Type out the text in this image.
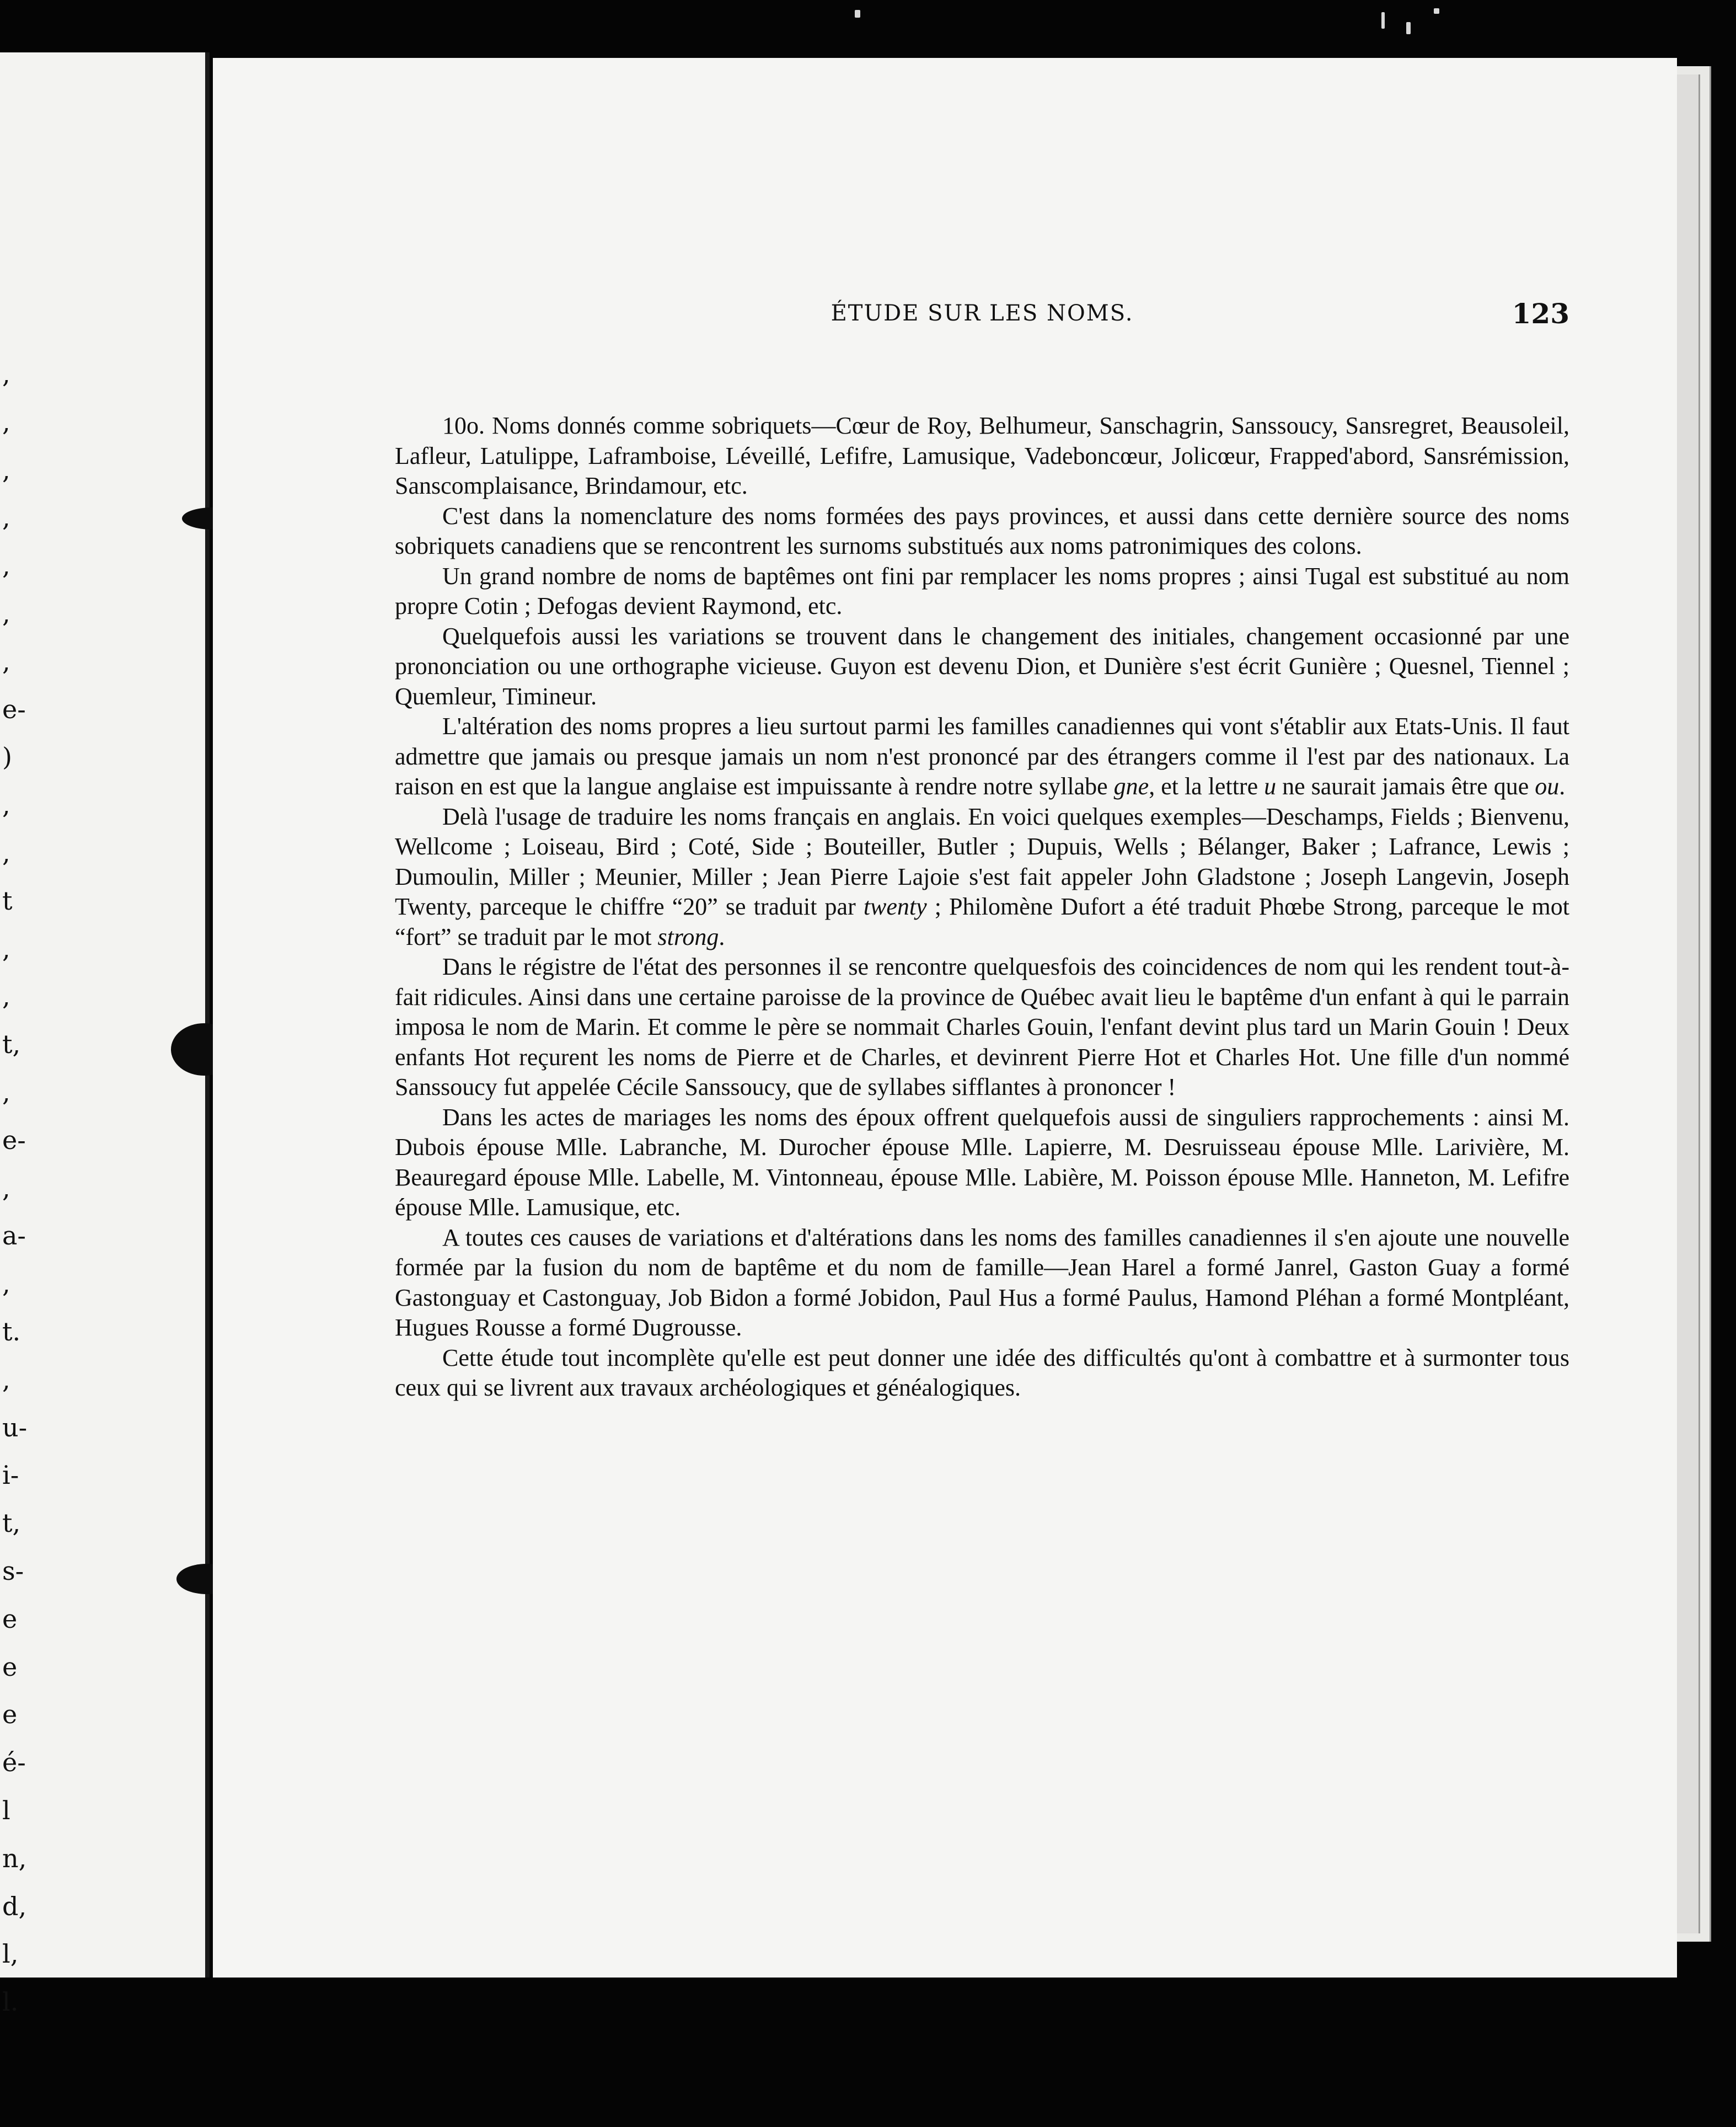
,
,
,
,
,
,
,
e-
)
,
,
t
,
,
t,
,
e-
,
a-
,
t.
,
u-
i-
t,
s-
e
e
e
é-
l
n,
d,
l,
l.
ÉTUDE SUR LES NOMS.	123

10o. Noms donnés comme sobriquets—Cœur de Roy, Belhumeur, Sanschagrin, Sanssoucy, Sansregret, Beausoleil, Lafleur, Latulippe, Laframboise, Léveillé, Lefifre, Lamusique, Vadeboncœur, Jolicœur, Frapped'abord, Sansrémission, Sanscomplaisance, Brindamour, etc.

C'est dans la nomenclature des noms formées des pays provinces, et aussi dans cette dernière source des noms sobriquets canadiens que se rencontrent les surnoms substitués aux noms patronimiques des colons.

Un grand nombre de noms de baptêmes ont fini par remplacer les noms propres ; ainsi Tugal est substitué au nom propre Cotin ; Defogas devient Raymond, etc.

Quelquefois aussi les variations se trouvent dans le changement des initiales, changement occasionné par une prononciation ou une orthographe vicieuse. Guyon est devenu Dion, et Dunière s'est écrit Gunière ; Quesnel, Tiennel ; Quemleur, Timineur.

L'altération des noms propres a lieu surtout parmi les familles canadiennes qui vont s'établir aux Etats-Unis. Il faut admettre que jamais ou presque jamais un nom n'est prononcé par des étrangers comme il l'est par des nationaux. La raison en est que la langue anglaise est impuissante à rendre notre syllabe gne, et la lettre u ne saurait jamais être que ou.

Delà l'usage de traduire les noms français en anglais. En voici quelques exemples—Deschamps, Fields ; Bienvenu, Wellcome ; Loiseau, Bird ; Coté, Side ; Bouteiller, Butler ; Dupuis, Wells ; Bélanger, Baker ; Lafrance, Lewis ; Dumoulin, Miller ; Meunier, Miller ; Jean Pierre Lajoie s'est fait appeler John Gladstone ; Joseph Langevin, Joseph Twenty, parceque le chiffre “20” se traduit par twenty ; Philomène Dufort a été traduit Phœbe Strong, parceque le mot “fort” se traduit par le mot strong.

Dans le régistre de l'état des personnes il se rencontre quelquesfois des coincidences de nom qui les rendent tout-à-fait ridicules. Ainsi dans une certaine paroisse de la province de Québec avait lieu le baptême d'un enfant à qui le parrain imposa le nom de Marin. Et comme le père se nommait Charles Gouin, l'enfant devint plus tard un Marin Gouin ! Deux enfants Hot reçurent les noms de Pierre et de Charles, et devinrent Pierre Hot et Charles Hot. Une fille d'un nommé Sanssoucy fut appelée Cécile Sanssoucy, que de syllabes sifflantes à prononcer !

Dans les actes de mariages les noms des époux offrent quelquefois aussi de singuliers rapprochements : ainsi M. Dubois épouse Mlle. Labranche, M. Durocher épouse Mlle. Lapierre, M. Desruisseau épouse Mlle. Larivière, M. Beauregard épouse Mlle. Labelle, M. Vintonneau, épouse Mlle. Labière, M. Poisson épouse Mlle. Hanneton, M. Lefifre épouse Mlle. Lamusique, etc.

A toutes ces causes de variations et d'altérations dans les noms des familles canadiennes il s'en ajoute une nouvelle formée par la fusion du nom de baptême et du nom de famille—Jean Harel a formé Janrel, Gaston Guay a formé Gastonguay et Castonguay, Job Bidon a formé Jobidon, Paul Hus a formé Paulus, Hamond Pléhan a formé Montpléant, Hugues Rousse a formé Dugrousse.

Cette étude tout incomplète qu'elle est peut donner une idée des difficultés qu'ont à combattre et à surmonter tous ceux qui se livrent aux travaux archéologiques et généalogiques.
